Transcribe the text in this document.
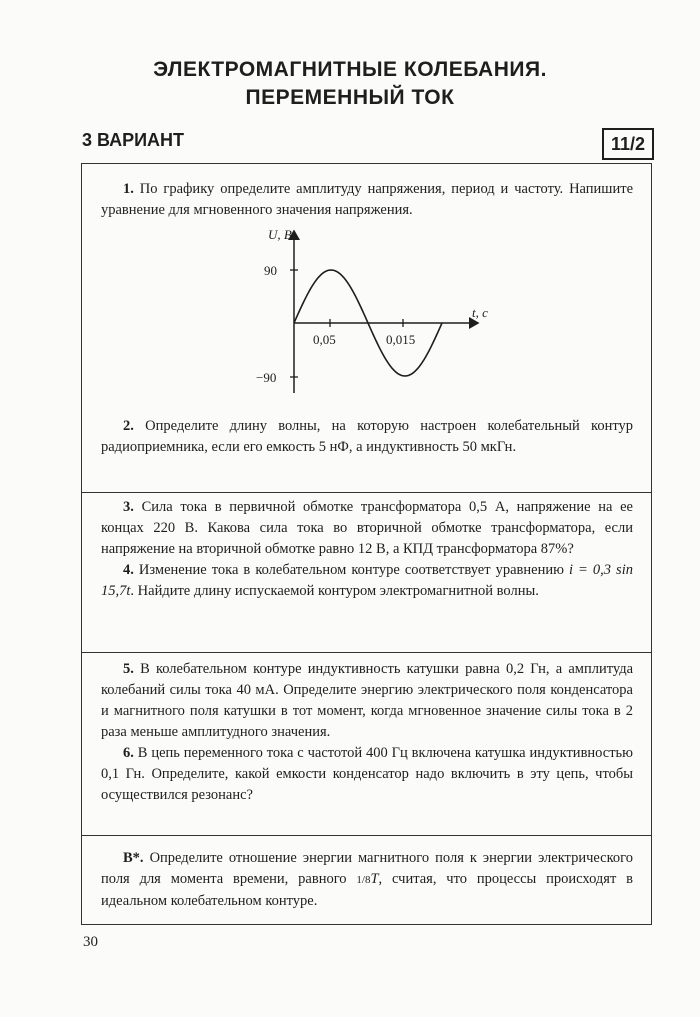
ЭЛЕКТРОМАГНИТНЫЕ КОЛЕБАНИЯ.
ПЕРЕМЕННЫЙ ТОК
3 ВАРИАНТ	11/2

1. По графику определите амплитуду напряжения, период и частоту. Напишите уравнение для мгновенного значения напряжения.

U, В
t, с
90
−90
0,05	0,015

2. Определите длину волны, на которую настроен колебательный контур радиоприемника, если его емкость 5 нФ, а индуктивность 50 мкГн.

3. Сила тока в первичной обмотке трансформатора 0,5 А, напряжение на ее концах 220 В. Какова сила тока во вторичной обмотке трансформатора, если напряжение на вторичной обмотке равно 12 В, а КПД трансформатора 87%?

4. Изменение тока в колебательном контуре соответствует уравнению i = 0,3 sin 15,7t. Найдите длину испускаемой контуром электромагнитной волны.

5. В колебательном контуре индуктивность катушки равна 0,2 Гн, а амплитуда колебаний силы тока 40 мА. Определите энергию электрического поля конденсатора и магнитного поля катушки в тот момент, когда мгновенное значение силы тока в 2 раза меньше амплитудного значения.

6. В цепь переменного тока с частотой 400 Гц включена катушка индуктивностью 0,1 Гн. Определите, какой емкости конденсатор надо включить в эту цепь, чтобы осуществился резонанс?

В*. Определите отношение энергии магнитного поля к энергии электрического поля для момента времени, равного 1/8T, считая, что процессы происходят в идеальном колебательном контуре.

30
